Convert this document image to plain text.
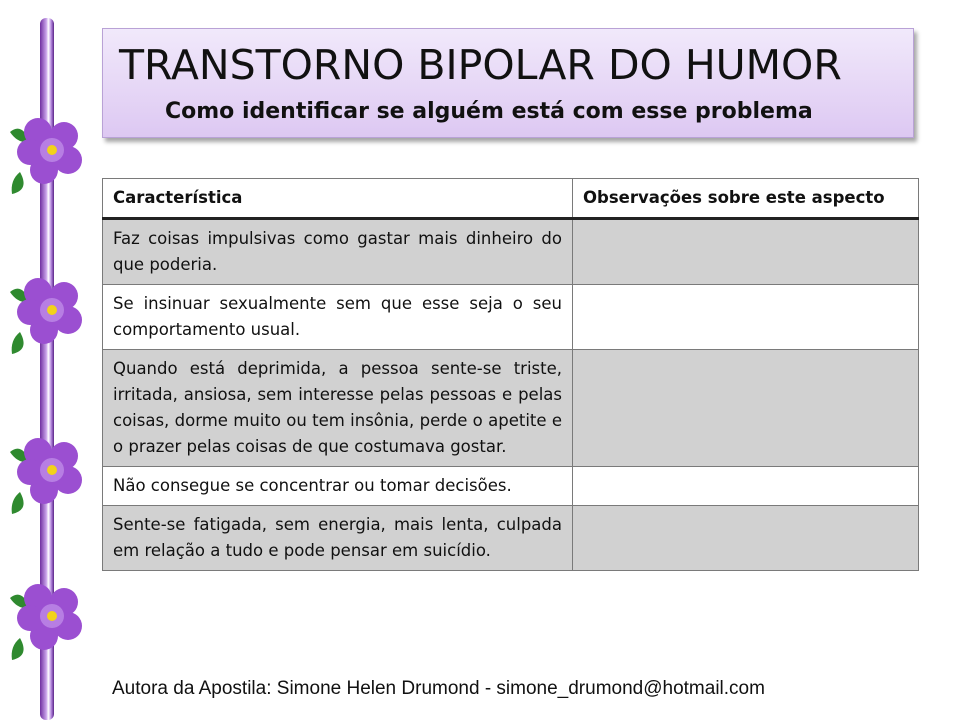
TRANSTORNO BIPOLAR DO HUMOR
Como identificar se alguém está com esse problema
Característica	Observações sobre este aspecto
Faz coisas impulsivas como gastar mais dinheiro do que poderia.	
Se insinuar sexualmente sem que esse seja o seu comportamento usual.	
Quando está deprimida, a pessoa sente-se triste, irritada, ansiosa, sem interesse pelas pessoas e pelas coisas, dorme muito ou tem insônia, perde o apetite e o prazer pelas coisas de que costumava gostar.	
Não consegue se concentrar ou tomar decisões.	
Sente-se fatigada, sem energia, mais lenta, culpada em relação a tudo e pode pensar em suicídio.	
Autora da Apostila: Simone Helen Drumond - simone_drumond@hotmail.com
